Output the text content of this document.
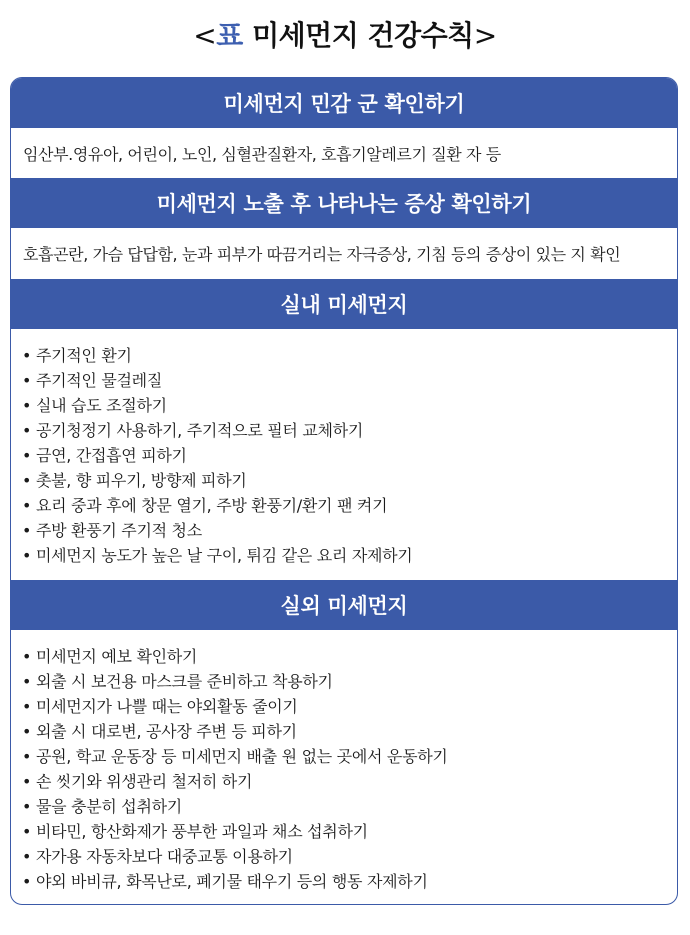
<표 미세먼지 건강수칙>
미세먼지 민감 군 확인하기
임산부.영유아, 어린이, 노인, 심혈관질환자, 호흡기알레르기 질환 자 등
미세먼지 노출 후 나타나는 증상 확인하기
호흡곤란, 가슴 답답함, 눈과 피부가 따끔거리는 자극증상, 기침 등의 증상이 있는 지 확인
실내 미세먼지
• 주기적인 환기
• 주기적인 물걸레질
• 실내 습도 조절하기
• 공기청정기 사용하기, 주기적으로 필터 교체하기
• 금연, 간접흡연 피하기
• 촛불, 향 피우기, 방향제 피하기
• 요리 중과 후에 창문 열기, 주방 환풍기/환기 팬 켜기
• 주방 환풍기 주기적 청소
• 미세먼지 농도가 높은 날 구이, 튀김 같은 요리 자제하기
실외 미세먼지
• 미세먼지 예보 확인하기
• 외출 시 보건용 마스크를 준비하고 착용하기
• 미세먼지가 나쁠 때는 야외활동 줄이기
• 외출 시 대로변, 공사장 주변 등 피하기
• 공원, 학교 운동장 등 미세먼지 배출 원 없는 곳에서 운동하기
• 손 씻기와 위생관리 철저히 하기
• 물을 충분히 섭취하기
• 비타민, 항산화제가 풍부한 과일과 채소 섭취하기
• 자가용 자동차보다 대중교통 이용하기
• 야외 바비큐, 화목난로, 폐기물 태우기 등의 행동 자제하기
